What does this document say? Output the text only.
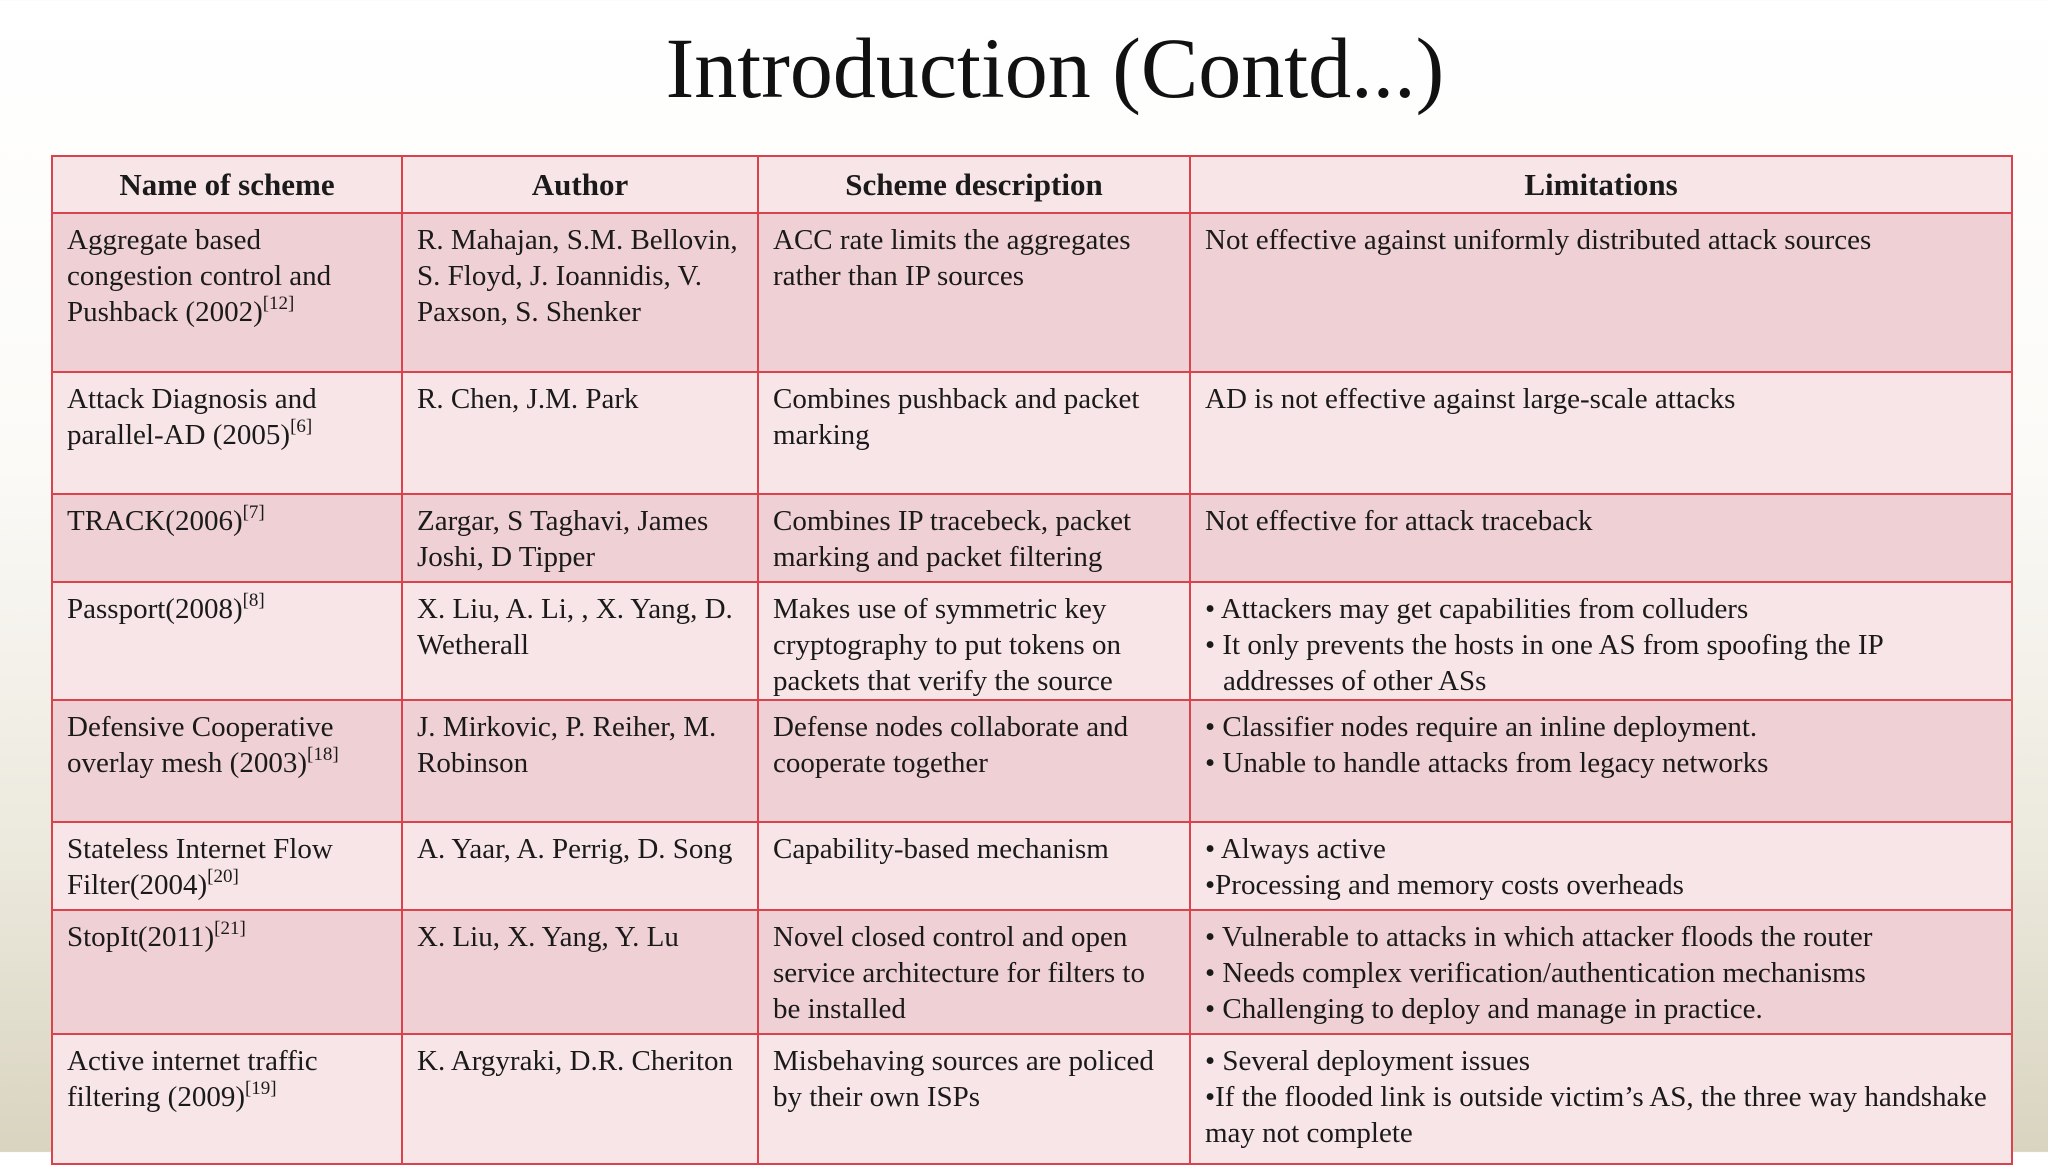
Introduction (Contd...)
Name of scheme	Author	Scheme description	Limitations
Aggregate based congestion control and Pushback (2002)[12]	R. Mahajan, S.M. Bellovin, S. Floyd, J. Ioannidis, V. Paxson, S. Shenker	ACC rate limits the aggregates rather than IP sources	Not effective against uniformly distributed attack sources

Attack Diagnosis and parallel-AD (2005)[6]	R. Chen, J.M. Park	Combines pushback and packet marking	AD is not effective against large-scale attacks

TRACK(2006)[7]	Zargar, S Taghavi, James Joshi, D Tipper	Combines IP tracebeck, packet marking and packet filtering	Not effective for attack traceback

Passport(2008)[8]	X. Liu, A. Li, , X. Yang, D. Wetherall	Makes use of symmetric key cryptography to put tokens on packets that verify the source	• Attackers may get capabilities from colluders
• It only prevents the hosts in one AS from spoofing the IP addresses of other ASs

Defensive Cooperative overlay mesh (2003)[18]	J. Mirkovic, P. Reiher, M. Robinson	Defense nodes collaborate and cooperate together	• Classifier nodes require an inline deployment.
• Unable to handle attacks from legacy networks

Stateless Internet Flow Filter(2004)[20]	A. Yaar, A. Perrig, D. Song	Capability-based mechanism	• Always active
•Processing and memory costs overheads

StopIt(2011)[21]	X. Liu, X. Yang, Y. Lu	Novel closed control and open service architecture for filters to be installed	• Vulnerable to attacks in which attacker floods the router
• Needs complex verification/authentication mechanisms
• Challenging to deploy and manage in practice.

Active internet traffic filtering (2009)[19]	K. Argyraki, D.R. Cheriton	Misbehaving sources are policed by their own ISPs	• Several deployment issues
•If the flooded link is outside victim’s AS, the three way handshake may not complete
